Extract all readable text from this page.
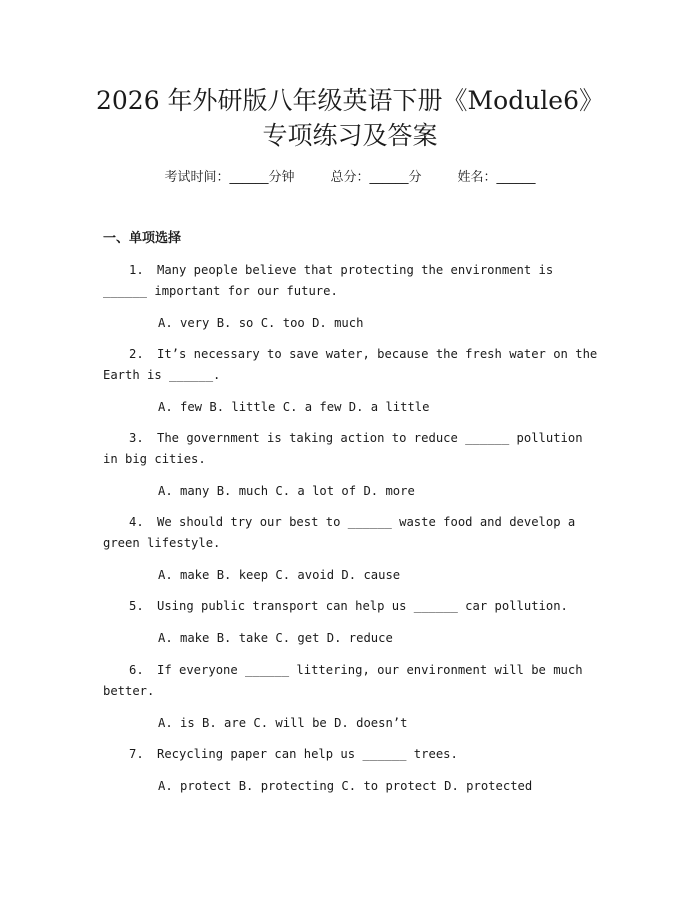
2026 年外研版八年级英语下册《Module6》
专项练习及答案
考试时间：______分钟	总分：______分	姓名：______
一、单项选择
1. Many people believe that protecting the environment is ______ important for our future.
A. very B. so C. too D. much
2. It’s necessary to save water, because the fresh water on the Earth is ______.
A. few B. little C. a few D. a little
3. The government is taking action to reduce ______ pollution in big cities.
A. many B. much C. a lot of D. more
4. We should try our best to ______ waste food and develop a green lifestyle.
A. make B. keep C. avoid D. cause
5. Using public transport can help us ______ car pollution.
A. make B. take C. get D. reduce
6. If everyone ______ littering, our environment will be much better.
A. is B. are C. will be D. doesn’t
7. Recycling paper can help us ______ trees.
A. protect B. protecting C. to protect D. protected
